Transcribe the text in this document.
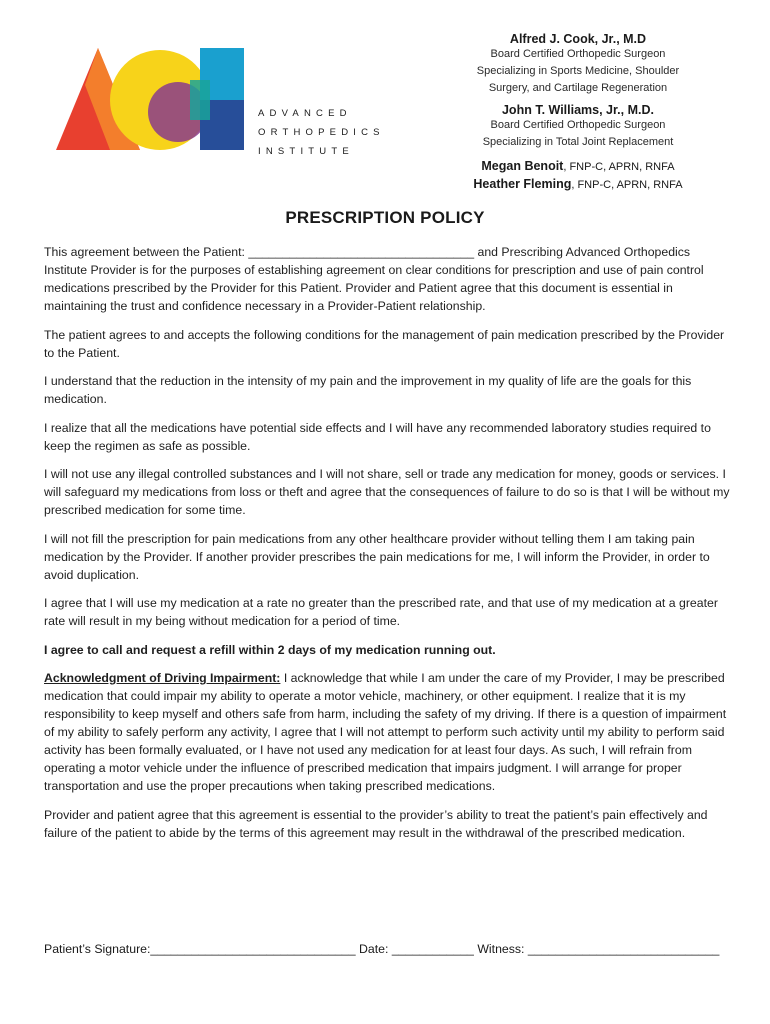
ADVANCED
ORTHOPEDICS
INSTITUTE
Alfred J. Cook, Jr., M.D
Board Certified Orthopedic Surgeon
Specializing in Sports Medicine, Shoulder
Surgery, and Cartilage Regeneration
John T. Williams, Jr., M.D.
Board Certified Orthopedic Surgeon
Specializing in Total Joint Replacement
Megan Benoit, FNP-C, APRN, RNFA
Heather Fleming, FNP-C, APRN, RNFA
PRESCRIPTION POLICY

This agreement between the Patient: _________________________________ and Prescribing Advanced Orthopedics Institute Provider is for the purposes of establishing agreement on clear conditions for prescription and use of pain control medications prescribed by the Provider for this Patient. Provider and Patient agree that this document is essential in maintaining the trust and confidence necessary in a Provider-Patient relationship.

The patient agrees to and accepts the following conditions for the management of pain medication prescribed by the Provider to the Patient.

I understand that the reduction in the intensity of my pain and the improvement in my quality of life are the goals for this medication.

I realize that all the medications have potential side effects and I will have any recommended laboratory studies required to keep the regimen as safe as possible.

I will not use any illegal controlled substances and I will not share, sell or trade any medication for money, goods or services. I will safeguard my medications from loss or theft and agree that the consequences of failure to do so is that I will be without my prescribed medication for some time.

I will not fill the prescription for pain medications from any other healthcare provider without telling them I am taking pain medication by the Provider. If another provider prescribes the pain medications for me, I will inform the Provider, in order to avoid duplication.

I agree that I will use my medication at a rate no greater than the prescribed rate, and that use of my medication at a greater rate will result in my being without medication for a period of time.

I agree to call and request a refill within 2 days of my medication running out.

Acknowledgment of Driving Impairment: I acknowledge that while I am under the care of my Provider, I may be prescribed medication that could impair my ability to operate a motor vehicle, machinery, or other equipment. I realize that it is my responsibility to keep myself and others safe from harm, including the safety of my driving. If there is a question of impairment of my ability to safely perform any activity, I agree that I will not attempt to perform such activity until my ability to perform said activity has been formally evaluated, or I have not used any medication for at least four days. As such, I will refrain from operating a motor vehicle under the influence of prescribed medication that impairs judgment. I will arrange for proper transportation and use the proper precautions when taking prescribed medications.

Provider and patient agree that this agreement is essential to the provider’s ability to treat the patient’s pain effectively and failure of the patient to abide by the terms of this agreement may result in the withdrawal of the prescribed medication.

Patient’s Signature:______________________________ Date: ____________ Witness: ____________________________
